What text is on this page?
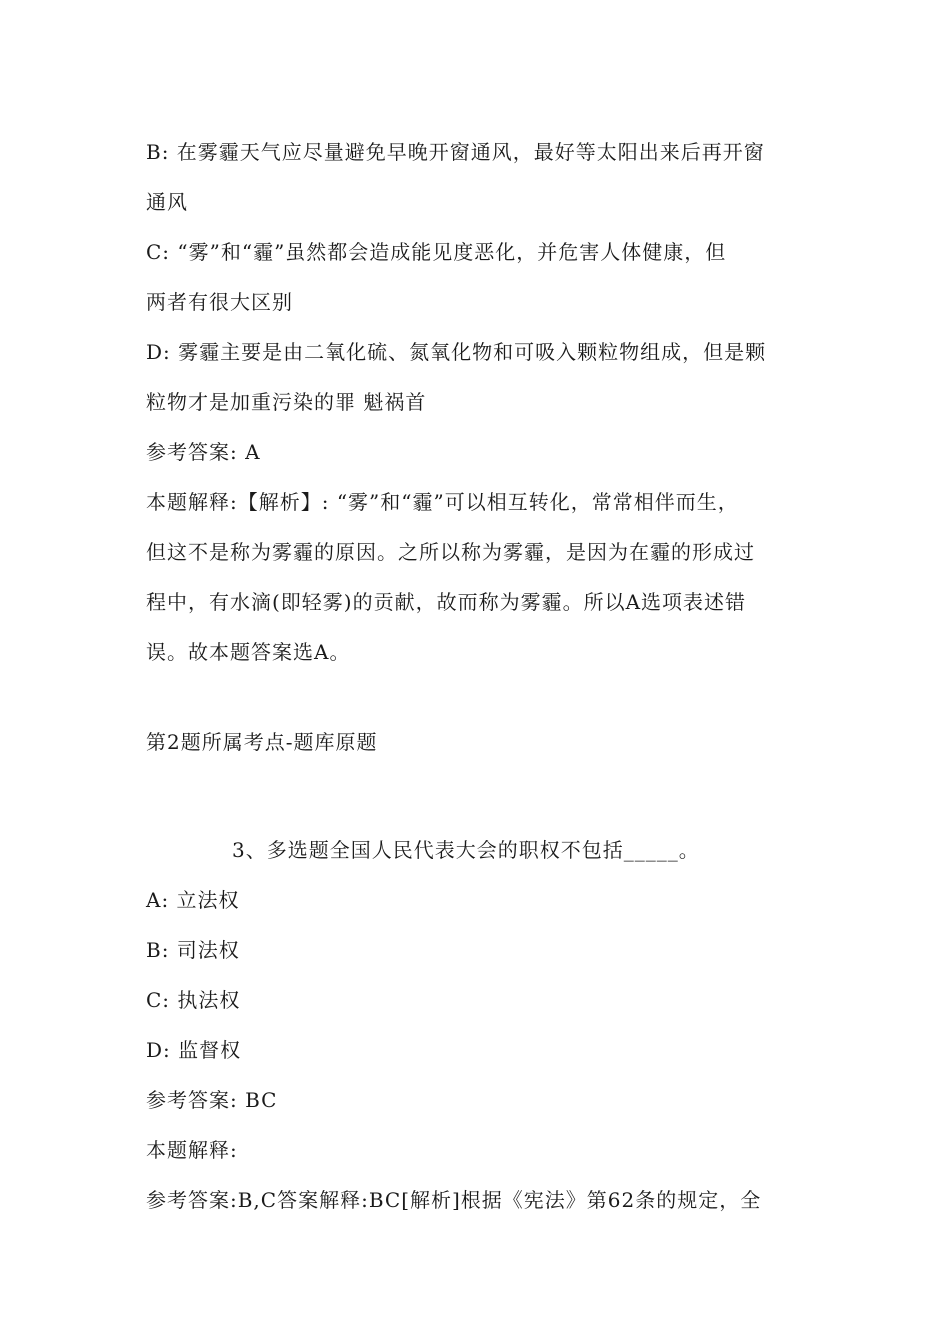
B: 在雾霾天气应尽量避免早晚开窗通风，最好等太阳出来后再开窗
通风
C: “雾”和“霾”虽然都会造成能见度恶化，并危害人体健康，但
两者有很大区别
D: 雾霾主要是由二氧化硫、氮氧化物和可吸入颗粒物组成，但是颗
粒物才是加重污染的罪 魁祸首
参考答案: A
本题解释:【解析】: “雾”和“霾”可以相互转化，常常相伴而生，
但这不是称为雾霾的原因。之所以称为雾霾，是因为在霾的形成过
程中，有水滴(即轻雾)的贡献，故而称为雾霾。所以A选项表述错
误。故本题答案选A。
第2题所属考点-题库原题
3、多选题全国人民代表大会的职权不包括_____。
A: 立法权
B: 司法权
C: 执法权
D: 监督权
参考答案: BC
本题解释:
参考答案:B,C答案解释:BC[解析]根据《宪法》第62条的规定，全
